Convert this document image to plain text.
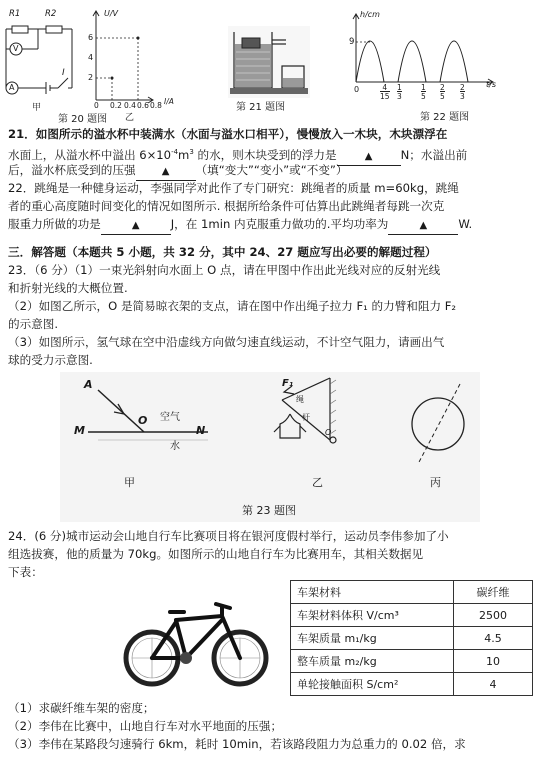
R1	R2
V
A
I
甲
U/V
6
4
2
0 0.2 0.4 0.6 0.8 I/A
乙
第 20 题图
第 21 题图
h/cm
9
0	4
15
1
3
1
5
2
5
2
3
t/s
第 22 题图
21．如图所示的溢水杯中装满水（水面与溢水口相平），慢慢放入一木块，木块漂浮在
水面上，从溢水杯中溢出 $6\times 10^{-4}m^3$ 的水，则木块受到的浮力是	▲ N；水溢出前
后，溢水杯底受到的压强	▲ （填“变大”“变小”或“不变”）
22．跳绳是一种健身运动，李强同学对此作了专门研究：跳绳者的质量 m=60kg，跳绳
者的重心高度随时间变化的情况如图所示. 根据所给条件可估算出此跳绳者每跳一次克
服重力所做的功是	▲	J，在 1min 内克服重力做功的.平均功率为	▲	W.
三．解答题（本题共 5 小题，共 32 分，其中 24、27 题应写出必要的解题过程）
23．（6 分）（1）一束光斜射向水面上 O 点，请在甲图中作出此光线对应的反射光线
和折射光线的大概位置.
（2）如图乙所示，O 是简易晾衣架的支点，请在图中作出绳子拉力 F₁ 的力臂和阻力 F₂
的示意图.
（3）如图所示，氢气球在空中沿虚线方向做匀速直线运动，不计空气阻力，请画出气
球的受力示意图.
A
M
O
N
空气
水
甲
F₁
绳
杆
O
乙	丙
第 23 题图
24．(6 分)城市运动会山地自行车比赛项目将在银河度假村举行，运动员李伟参加了小
组选拔赛，他的质量为 70kg。如图所示的山地自行车为比赛用车，其相关数据见
下表：
车架材料	碳纤维
车架材料体积 V/cm³	2500
车架质量 m₁/kg	4.5
整车质量 m₂/kg	10
单轮接触面积 S/cm²	4
（1）求碳纤维车架的密度；
（2）李伟在比赛中，山地自行车对水平地面的压强；
（3）李伟在某路段匀速骑行 6km，耗时 10min，若该路段阻力为总重力的 0.02 倍，求
